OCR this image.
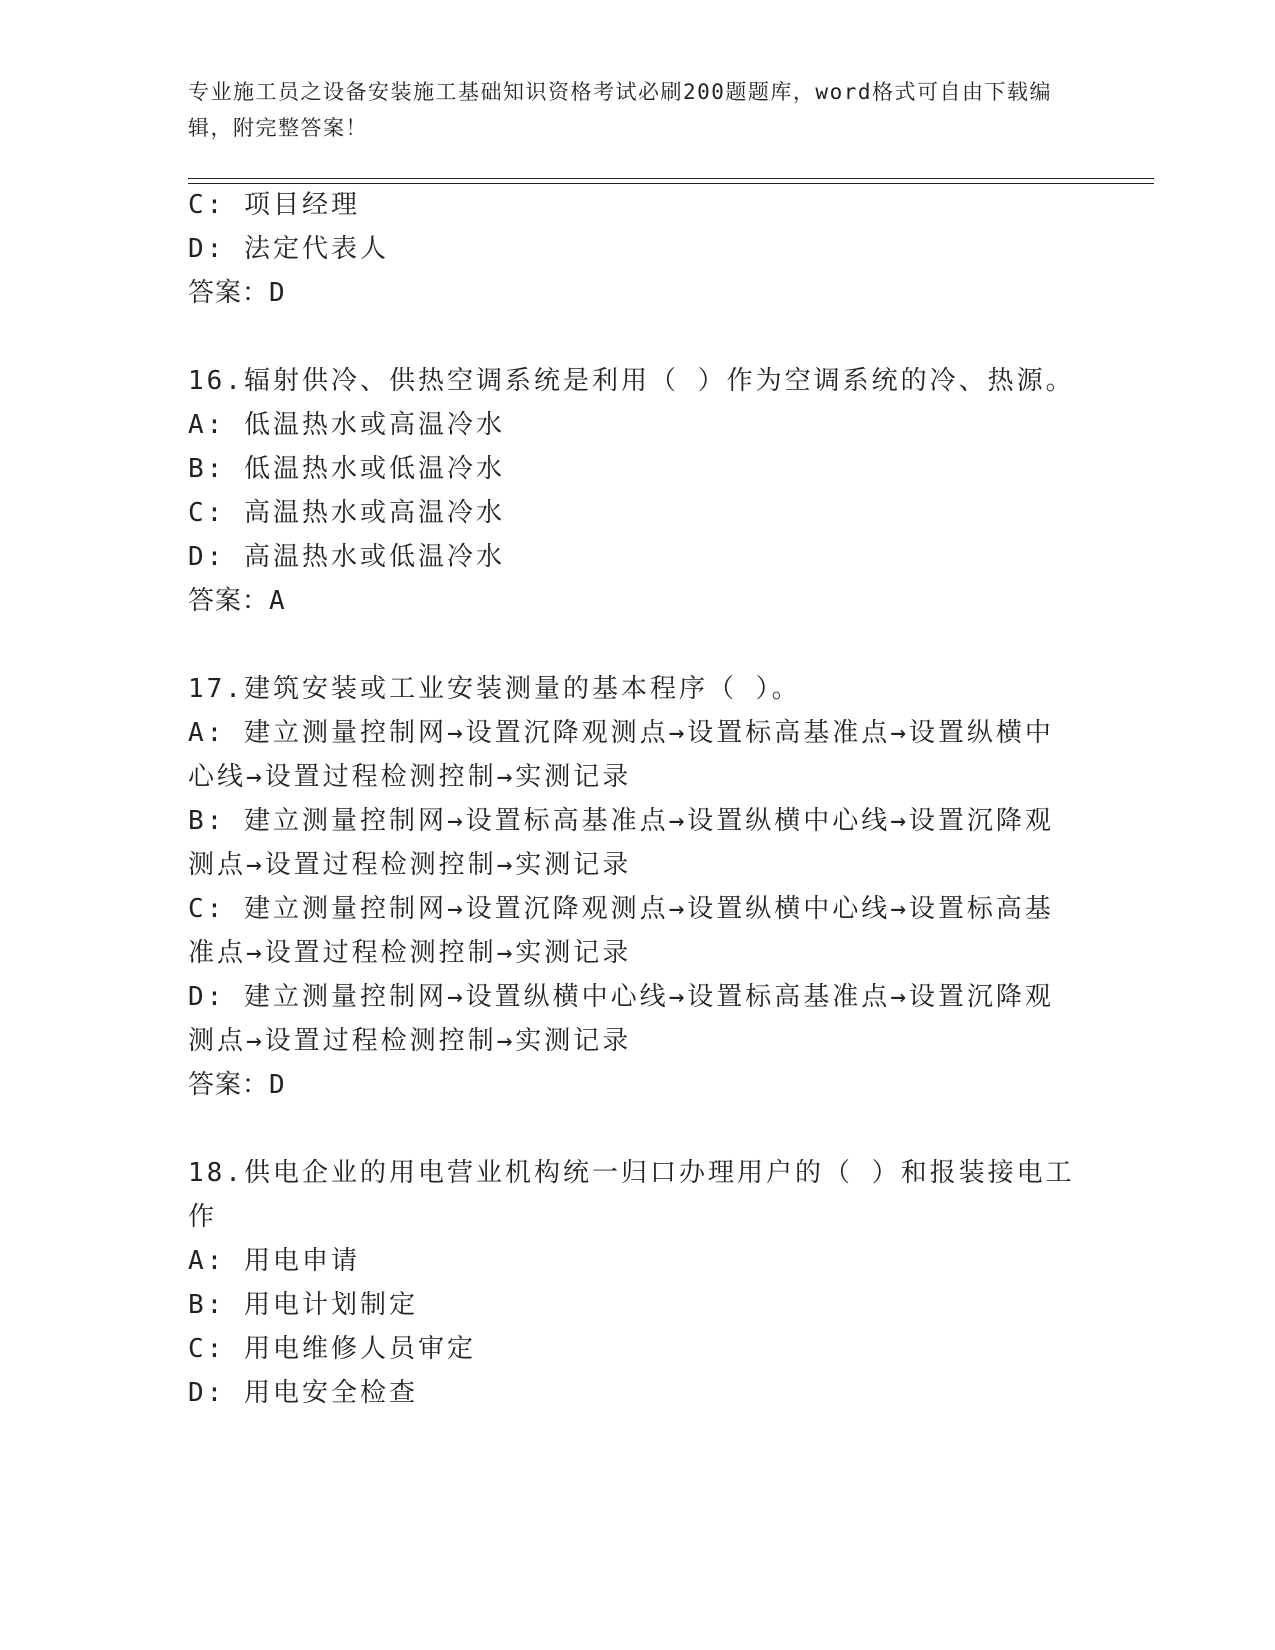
专业施工员之设备安装施工基础知识资格考试必刷200题题库，word格式可自由下载编辑，附完整答案！
C: 项目经理
D: 法定代表人
答案：D
16.辐射供冷、供热空调系统是利用（ ）作为空调系统的冷、热源。
A: 低温热水或高温冷水
B: 低温热水或低温冷水
C: 高温热水或高温冷水
D: 高温热水或低温冷水
答案：A
17.建筑安装或工业安装测量的基本程序（ ）。
A: 建立测量控制网→设置沉降观测点→设置标高基准点→设置纵横中
心线→设置过程检测控制→实测记录
B: 建立测量控制网→设置标高基准点→设置纵横中心线→设置沉降观
测点→设置过程检测控制→实测记录
C: 建立测量控制网→设置沉降观测点→设置纵横中心线→设置标高基
准点→设置过程检测控制→实测记录
D: 建立测量控制网→设置纵横中心线→设置标高基准点→设置沉降观
测点→设置过程检测控制→实测记录
答案：D
18.供电企业的用电营业机构统一归口办理用户的（ ）和报装接电工
作
A: 用电申请
B: 用电计划制定
C: 用电维修人员审定
D: 用电安全检查
